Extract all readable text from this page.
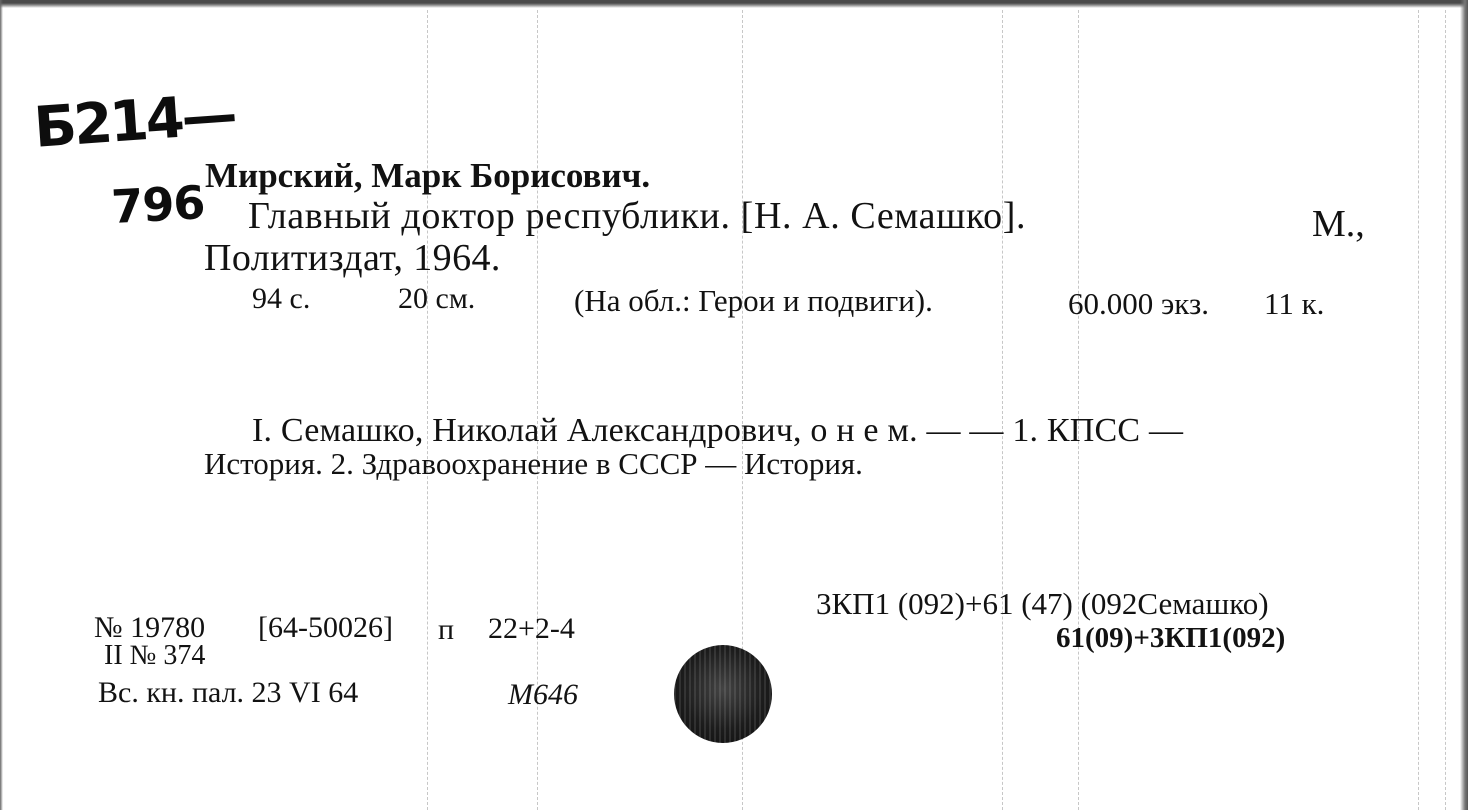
Б214—
796 Мирский, Марк Борисович.
Главный доктор республики. [Н. А. Семашко].	М.,
Политиздат, 1964.
94 с.	20 см.	(На обл.: Герои и подвиги).	60.000 экз. 11 к.
I. Семашко, Николай Александрович, о н е м. — — 1. КПСС —
История. 2. Здравоохранение в СССР — История.
№ 19780 [64-50026] п 22+2-4
II № 374
Вс. кн. пал. 23 VI 64	М646
3КП1 (092)+61 (47) (092Семашко)
61(09)+3КП1(092)
